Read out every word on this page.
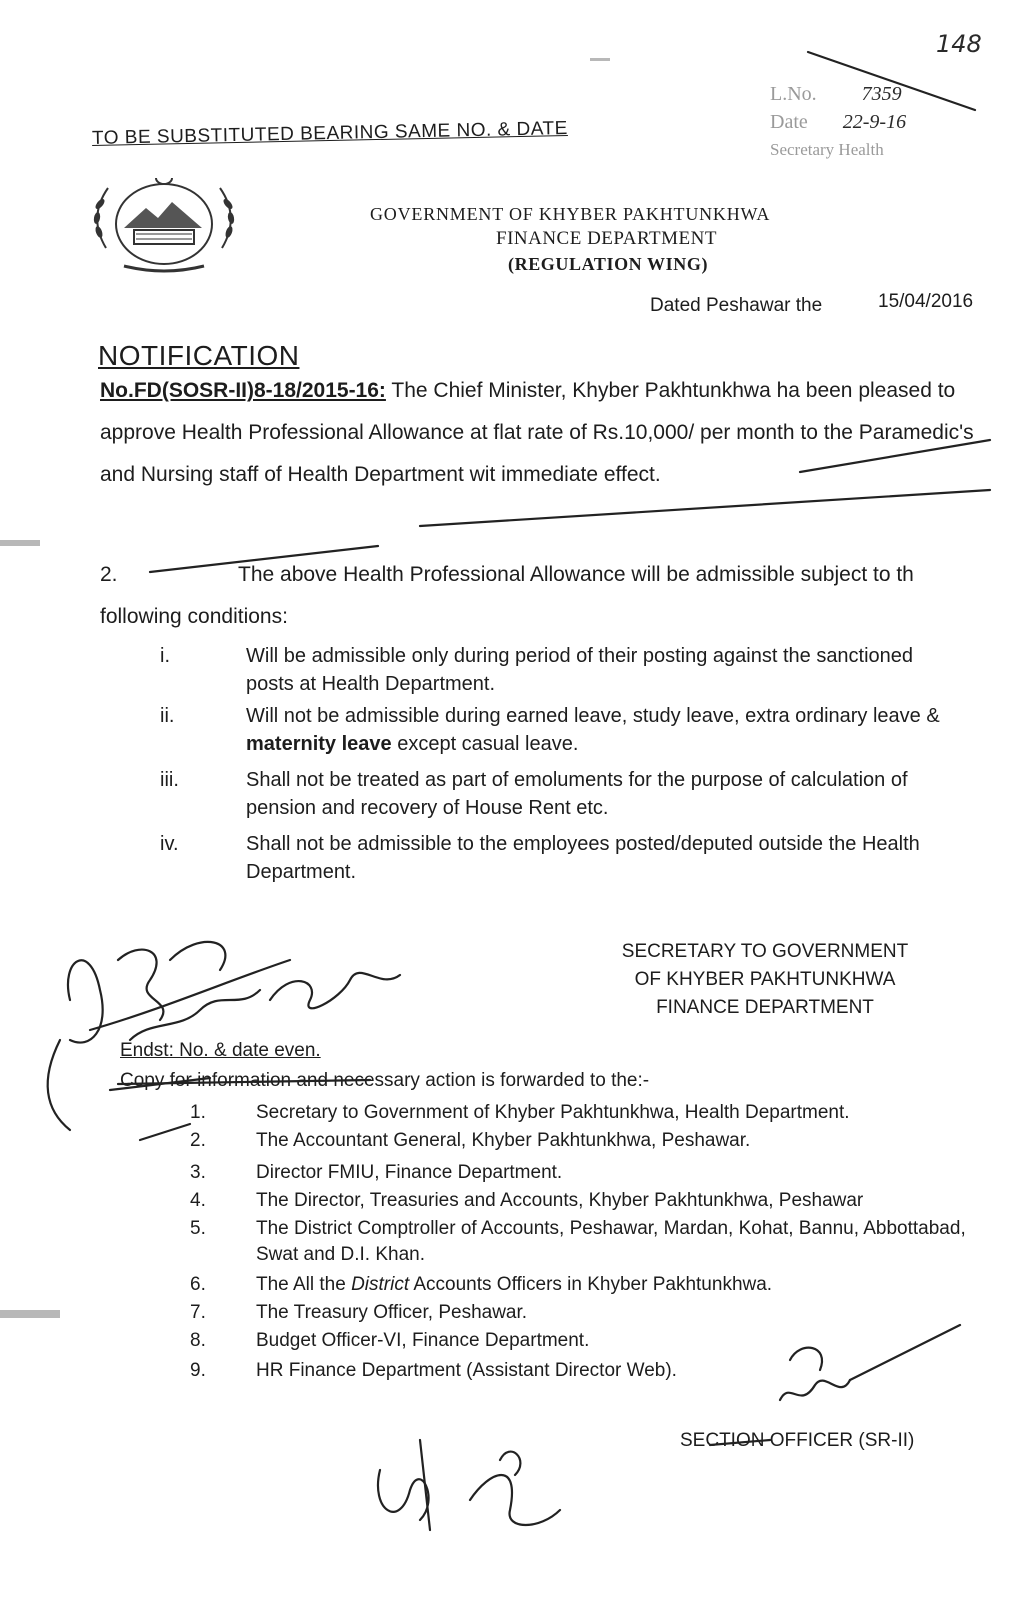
TO BE SUBSTITUTED BEARING SAME NO. & DATE
148
L.No. 7359
Date 22-9-16
Secretary Health
GOVERNMENT OF KHYBER PAKHTUNKHWA
FINANCE DEPARTMENT
(REGULATION WING)
Dated Peshawar the	15/04/2016
NOTIFICATION
No.FD(SOSR-II)8-18/2015-16: The Chief Minister, Khyber Pakhtunkhwa ha been pleased to approve Health Professional Allowance at flat rate of Rs.10,000/ per month to the Paramedic's and Nursing staff of Health Department wit immediate effect.
2.	The above Health Professional Allowance will be admissible subject to th following conditions:
i.	Will be admissible only during period of their posting against the sanctioned posts at Health Department.
ii.	Will not be admissible during earned leave, study leave, extra ordinary leave & maternity leave except casual leave.
iii.	Shall not be treated as part of emoluments for the purpose of calculation of pension and recovery of House Rent etc.
iv.	Shall not be admissible to the employees posted/deputed outside the Health Department.
SECRETARY TO GOVERNMENT
OF KHYBER PAKHTUNKHWA
FINANCE DEPARTMENT
Endst: No. & date even.
Copy for information and necessary action is forwarded to the:-
1.	Secretary to Government of Khyber Pakhtunkhwa, Health Department.
2.	The Accountant General, Khyber Pakhtunkhwa, Peshawar.
3.	Director FMIU, Finance Department.
4.	The Director, Treasuries and Accounts, Khyber Pakhtunkhwa, Peshawar
5.	The District Comptroller of Accounts, Peshawar, Mardan, Kohat, Bannu, Abbottabad, Swat and D.I. Khan.
6.	The All the District Accounts Officers in Khyber Pakhtunkhwa.
7.	The Treasury Officer, Peshawar.
8.	Budget Officer-VI, Finance Department.
9.	HR Finance Department (Assistant Director Web).
SECTION OFFICER (SR-II)
